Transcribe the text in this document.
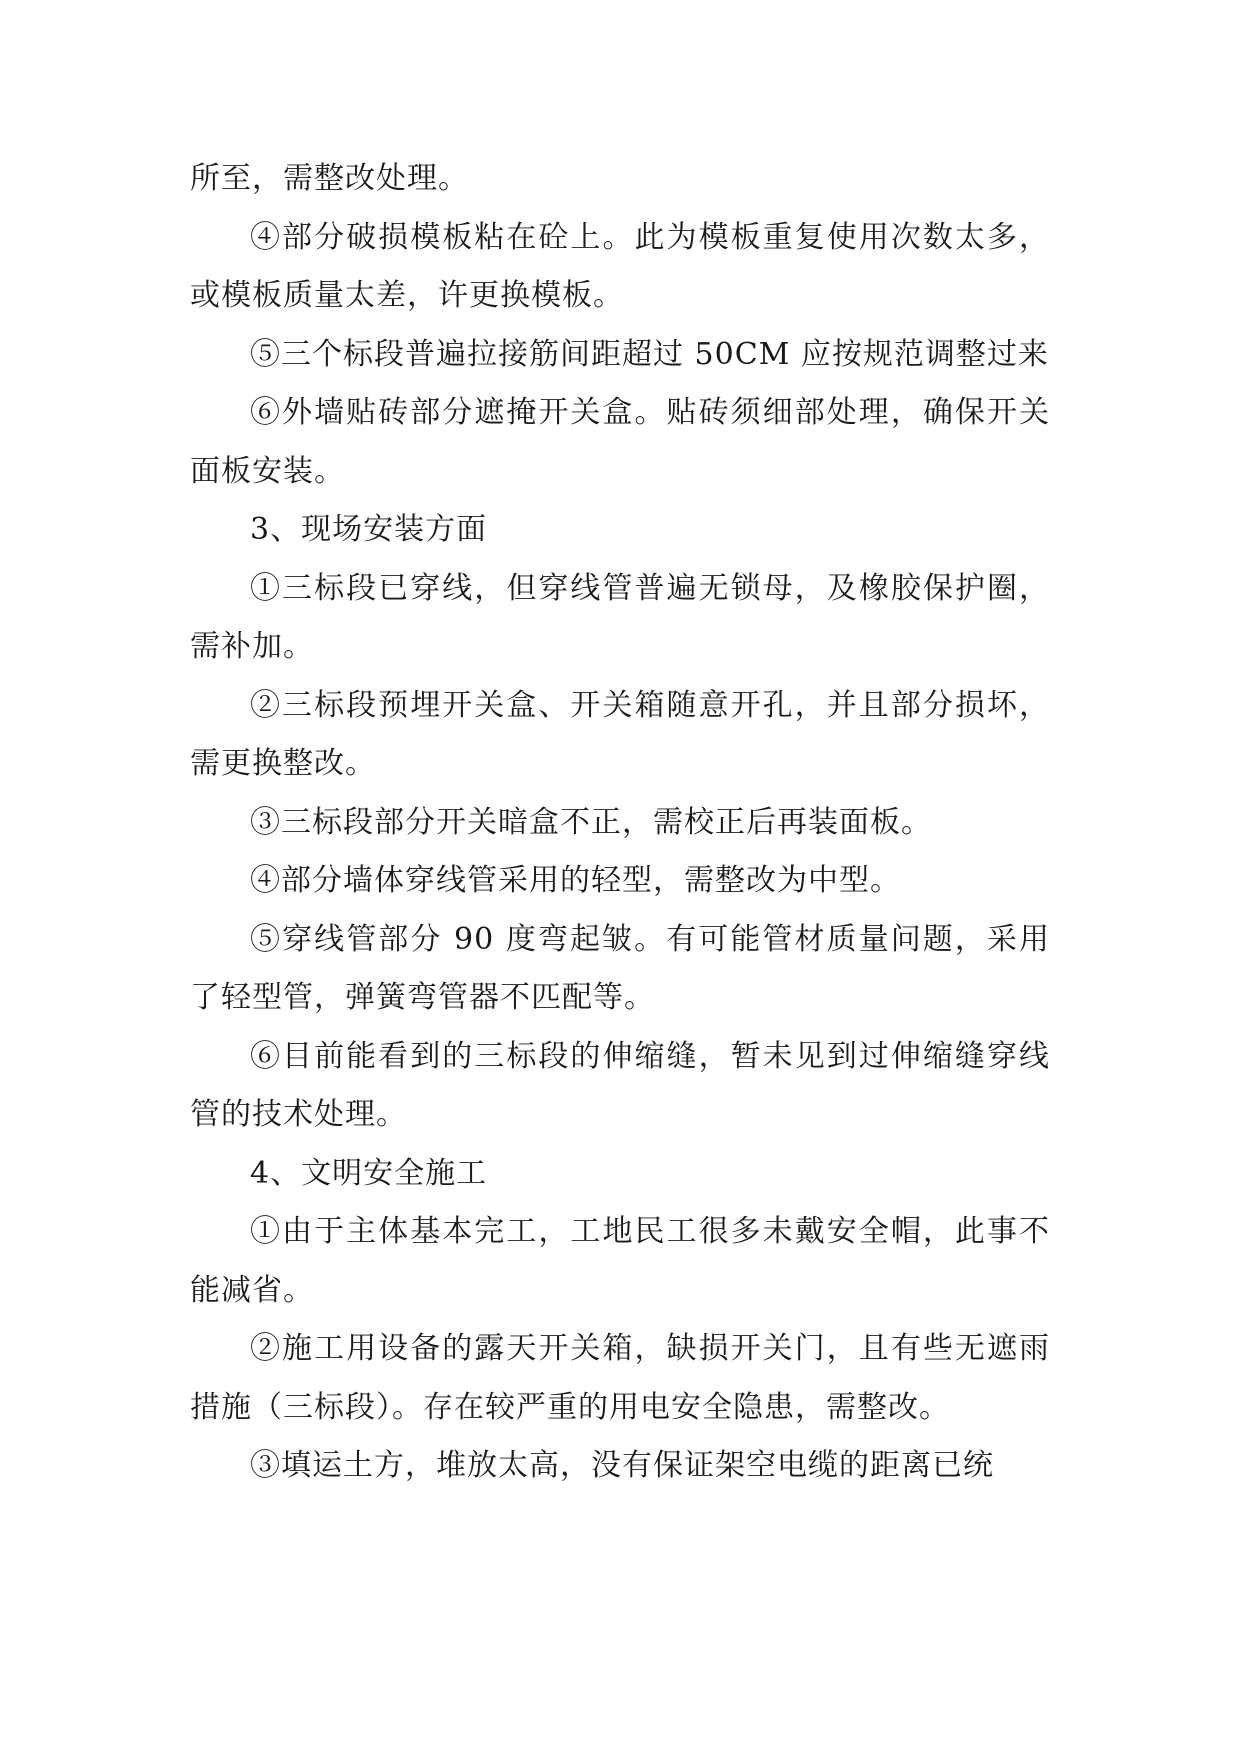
所至，需整改处理。

④部分破损模板粘在砼上。此为模板重复使用次数太多，或模板质量太差，许更换模板。

⑤三个标段普遍拉接筋间距超过 50CM 应按规范调整过来

⑥外墙贴砖部分遮掩开关盒。贴砖须细部处理，确保开关面板安装。

3、现场安装方面

①三标段已穿线，但穿线管普遍无锁母，及橡胶保护圈，需补加。

②三标段预埋开关盒、开关箱随意开孔，并且部分损坏，需更换整改。

③三标段部分开关暗盒不正，需校正后再装面板。

④部分墙体穿线管采用的轻型，需整改为中型。

⑤穿线管部分 90 度弯起皱。有可能管材质量问题，采用了轻型管，弹簧弯管器不匹配等。

⑥目前能看到的三标段的伸缩缝，暂未见到过伸缩缝穿线管的技术处理。

4、文明安全施工

①由于主体基本完工，工地民工很多未戴安全帽，此事不能减省。

②施工用设备的露天开关箱，缺损开关门，且有些无遮雨措施（三标段）。存在较严重的用电安全隐患，需整改。

③填运土方，堆放太高，没有保证架空电缆的距离已统
